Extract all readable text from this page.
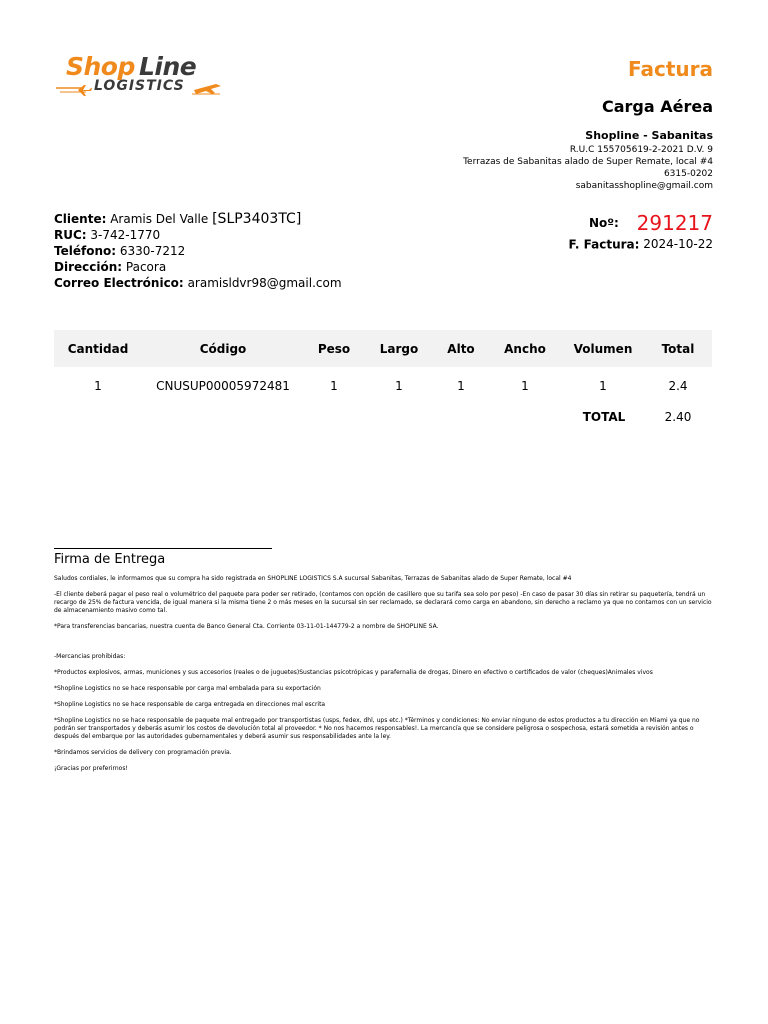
Shop Line
LOGISTICS
Factura
Carga Aérea
Shopline - Sabanitas
R.U.C 155705619-2-2021 D.V. 9
Terrazas de Sabanitas alado de Super Remate, local #4
6315-0202
sabanitasshopline@gmail.com
Cliente: Aramis Del Valle [SLP3403TC]
RUC: 3-742-1770
Teléfono: 6330-7212
Dirección: Pacora
Correo Electrónico: aramisldvr98@gmail.com
Noº: 291217
F. Factura: 2024-10-22
Cantidad	Código	Peso	Largo	Alto	Ancho	Volumen	Total
1	CNUSUP00005972481	1	1	1	1	1	2.4
TOTAL	2.40
Firma de Entrega

Saludos cordiales, le informamos que su compra ha sido registrada en SHOPLINE LOGISTICS S.A sucursal Sabanitas, Terrazas de Sabanitas alado de Super Remate, local #4

-El cliente deberá pagar el peso real o volumétrico del paquete para poder ser retirado, (contamos con opción de casillero que su tarifa sea solo por peso) -En caso de pasar 30 días sin retirar su paquetería, tendrá un recargo de 25% de factura vencida, de igual manera si la misma tiene 2 o más meses en la sucursal sin ser reclamado, se declarará como carga en abandono, sin derecho a reclamo ya que no contamos con un servicio de almacenamiento masivo como tal.

*Para transferencias bancarias, nuestra cuenta de Banco General Cta. Corriente 03-11-01-144779-2 a nombre de SHOPLINE SA.

-Mercancias prohibidas:

*Productos explosivos, armas, municiones y sus accesorios (reales o de juguetes)Sustancias psicotrópicas y parafernalia de drogas, Dinero en efectivo o certificados de valor (cheques)Animales vivos

*Shopline Logistics no se hace responsable por carga mal embalada para su exportación

*Shopline Logistics no se hace responsable de carga entregada en direcciones mal escrita

*Shopline Logistics no se hace responsable de paquete mal entregado por transportistas (usps, fedex, dhl, ups etc.) *Términos y condiciones: No enviar ninguno de estos productos a tu dirección en Miami ya que no podrán ser transportados y deberás asumir los costos de devolución total al proveedor. * No nos hacemos responsables!. La mercancía que se considere peligrosa o sospechosa, estará sometida a revisión antes o después del embarque por las autoridades gubernamentales y deberá asumir sus responsabilidades ante la ley.

*Brindamos servicios de delivery con programación previa.

¡Gracias por preferirnos!
